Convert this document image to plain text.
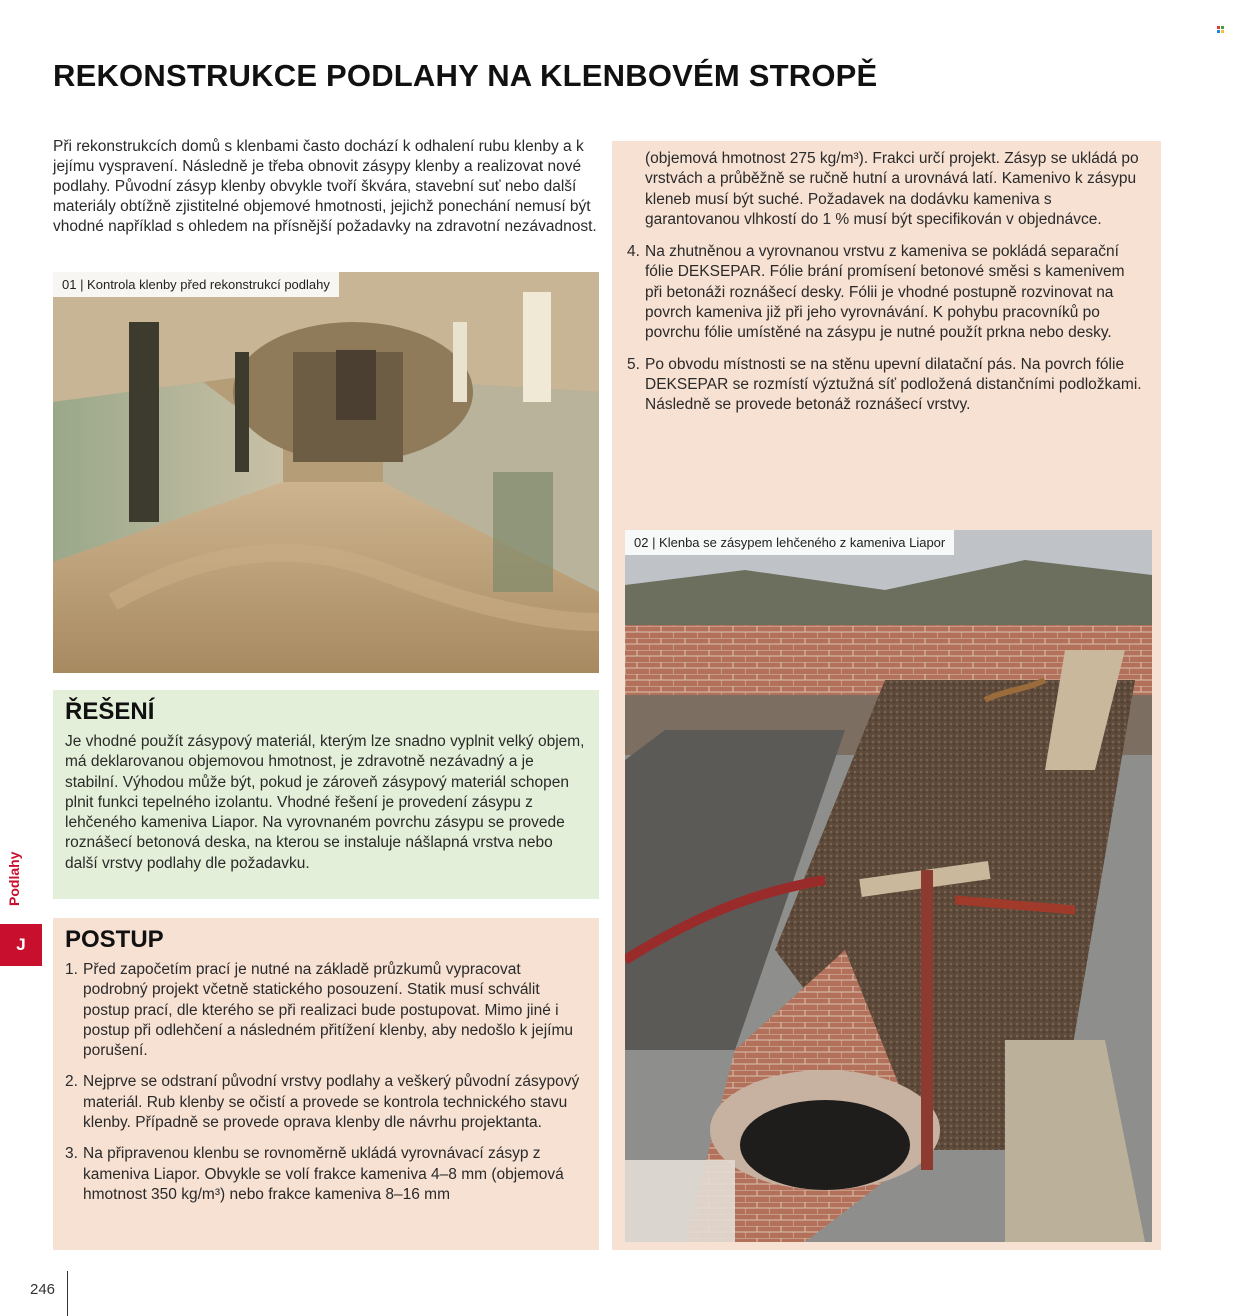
REKONSTRUKCE PODLAHY NA KLENBOVÉM STROPĚ

Při rekonstrukcích domů s klenbami často dochází k odhalení rubu klenby a k jejímu vyspravení. Následně je třeba obnovit zásypy klenby a realizovat nové podlahy. Původní zásyp klenby obvykle tvoří škvára, stavební suť nebo další materiály obtížně zjistitelné objemové hmotnosti, jejichž ponechání nemusí být vhodné například s ohledem na přísnější požadavky na zdravotní nezávadnost.

01 | Kontrola klenby před rekonstrukcí podlahy
ŘEŠENÍ

Je vhodné použít zásypový materiál, kterým lze snadno vyplnit velký objem, má deklarovanou objemovou hmotnost, je zdravotně nezávadný a je stabilní. Výhodou může být, pokud je zároveň zásypový materiál schopen plnit funkci tepelného izolantu. Vhodné řešení je provedení zásypu z lehčeného kameniva Liapor. Na vyrovnaném povrchu zásypu se provede roznášecí betonová deska, na kterou se instaluje nášlapná vrstva nebo další vrstvy podlahy dle požadavku.

POSTUP
1. Před započetím prací je nutné na základě průzkumů vypracovat podrobný projekt včetně statického posouzení. Statik musí schválit postup prací, dle kterého se při realizaci bude postupovat. Mimo jiné i postup při odlehčení a následném přitížení klenby, aby nedošlo k jejímu porušení.
2. Nejprve se odstraní původní vrstvy podlahy a veškerý původní zásypový materiál. Rub klenby se očistí a provede se kontrola technického stavu klenby. Případně se provede oprava klenby dle návrhu projektanta.
3. Na připravenou klenbu se rovnoměrně ukládá vyrovnávací zásyp z kameniva Liapor. Obvykle se volí frakce kameniva 4–8 mm (objemová hmotnost 350 kg/m³) nebo frakce kameniva 8–16 mm

(objemová hmotnost 275 kg/m³). Frakci určí projekt. Zásyp se ukládá po vrstvách a průběžně se ručně hutní a urovnává latí. Kamenivo k zásypu kleneb musí být suché. Požadavek na dodávku kameniva s garantovanou vlhkostí do 1 % musí být specifikován v objednávce.

4. Na zhutněnou a vyrovnanou vrstvu z kameniva se pokládá separační fólie DEKSEPAR. Fólie brání promísení betonové směsi s kamenivem při betonáži roznášecí desky. Fólii je vhodné postupně rozvinovat na povrch kameniva již při jeho vyrovnávání. K pohybu pracovníků po povrchu fólie umístěné na zásypu je nutné použít prkna nebo desky.
5. Po obvodu místnosti se na stěnu upevní dilatační pás. Na povrch fólie DEKSEPAR se rozmístí výztužná síť podložená distančními podložkami. Následně se provede betonáž roznášecí vrstvy.
02 | Klenba se zásypem lehčeného z kameniva Liapor
Podlahy
J
246
